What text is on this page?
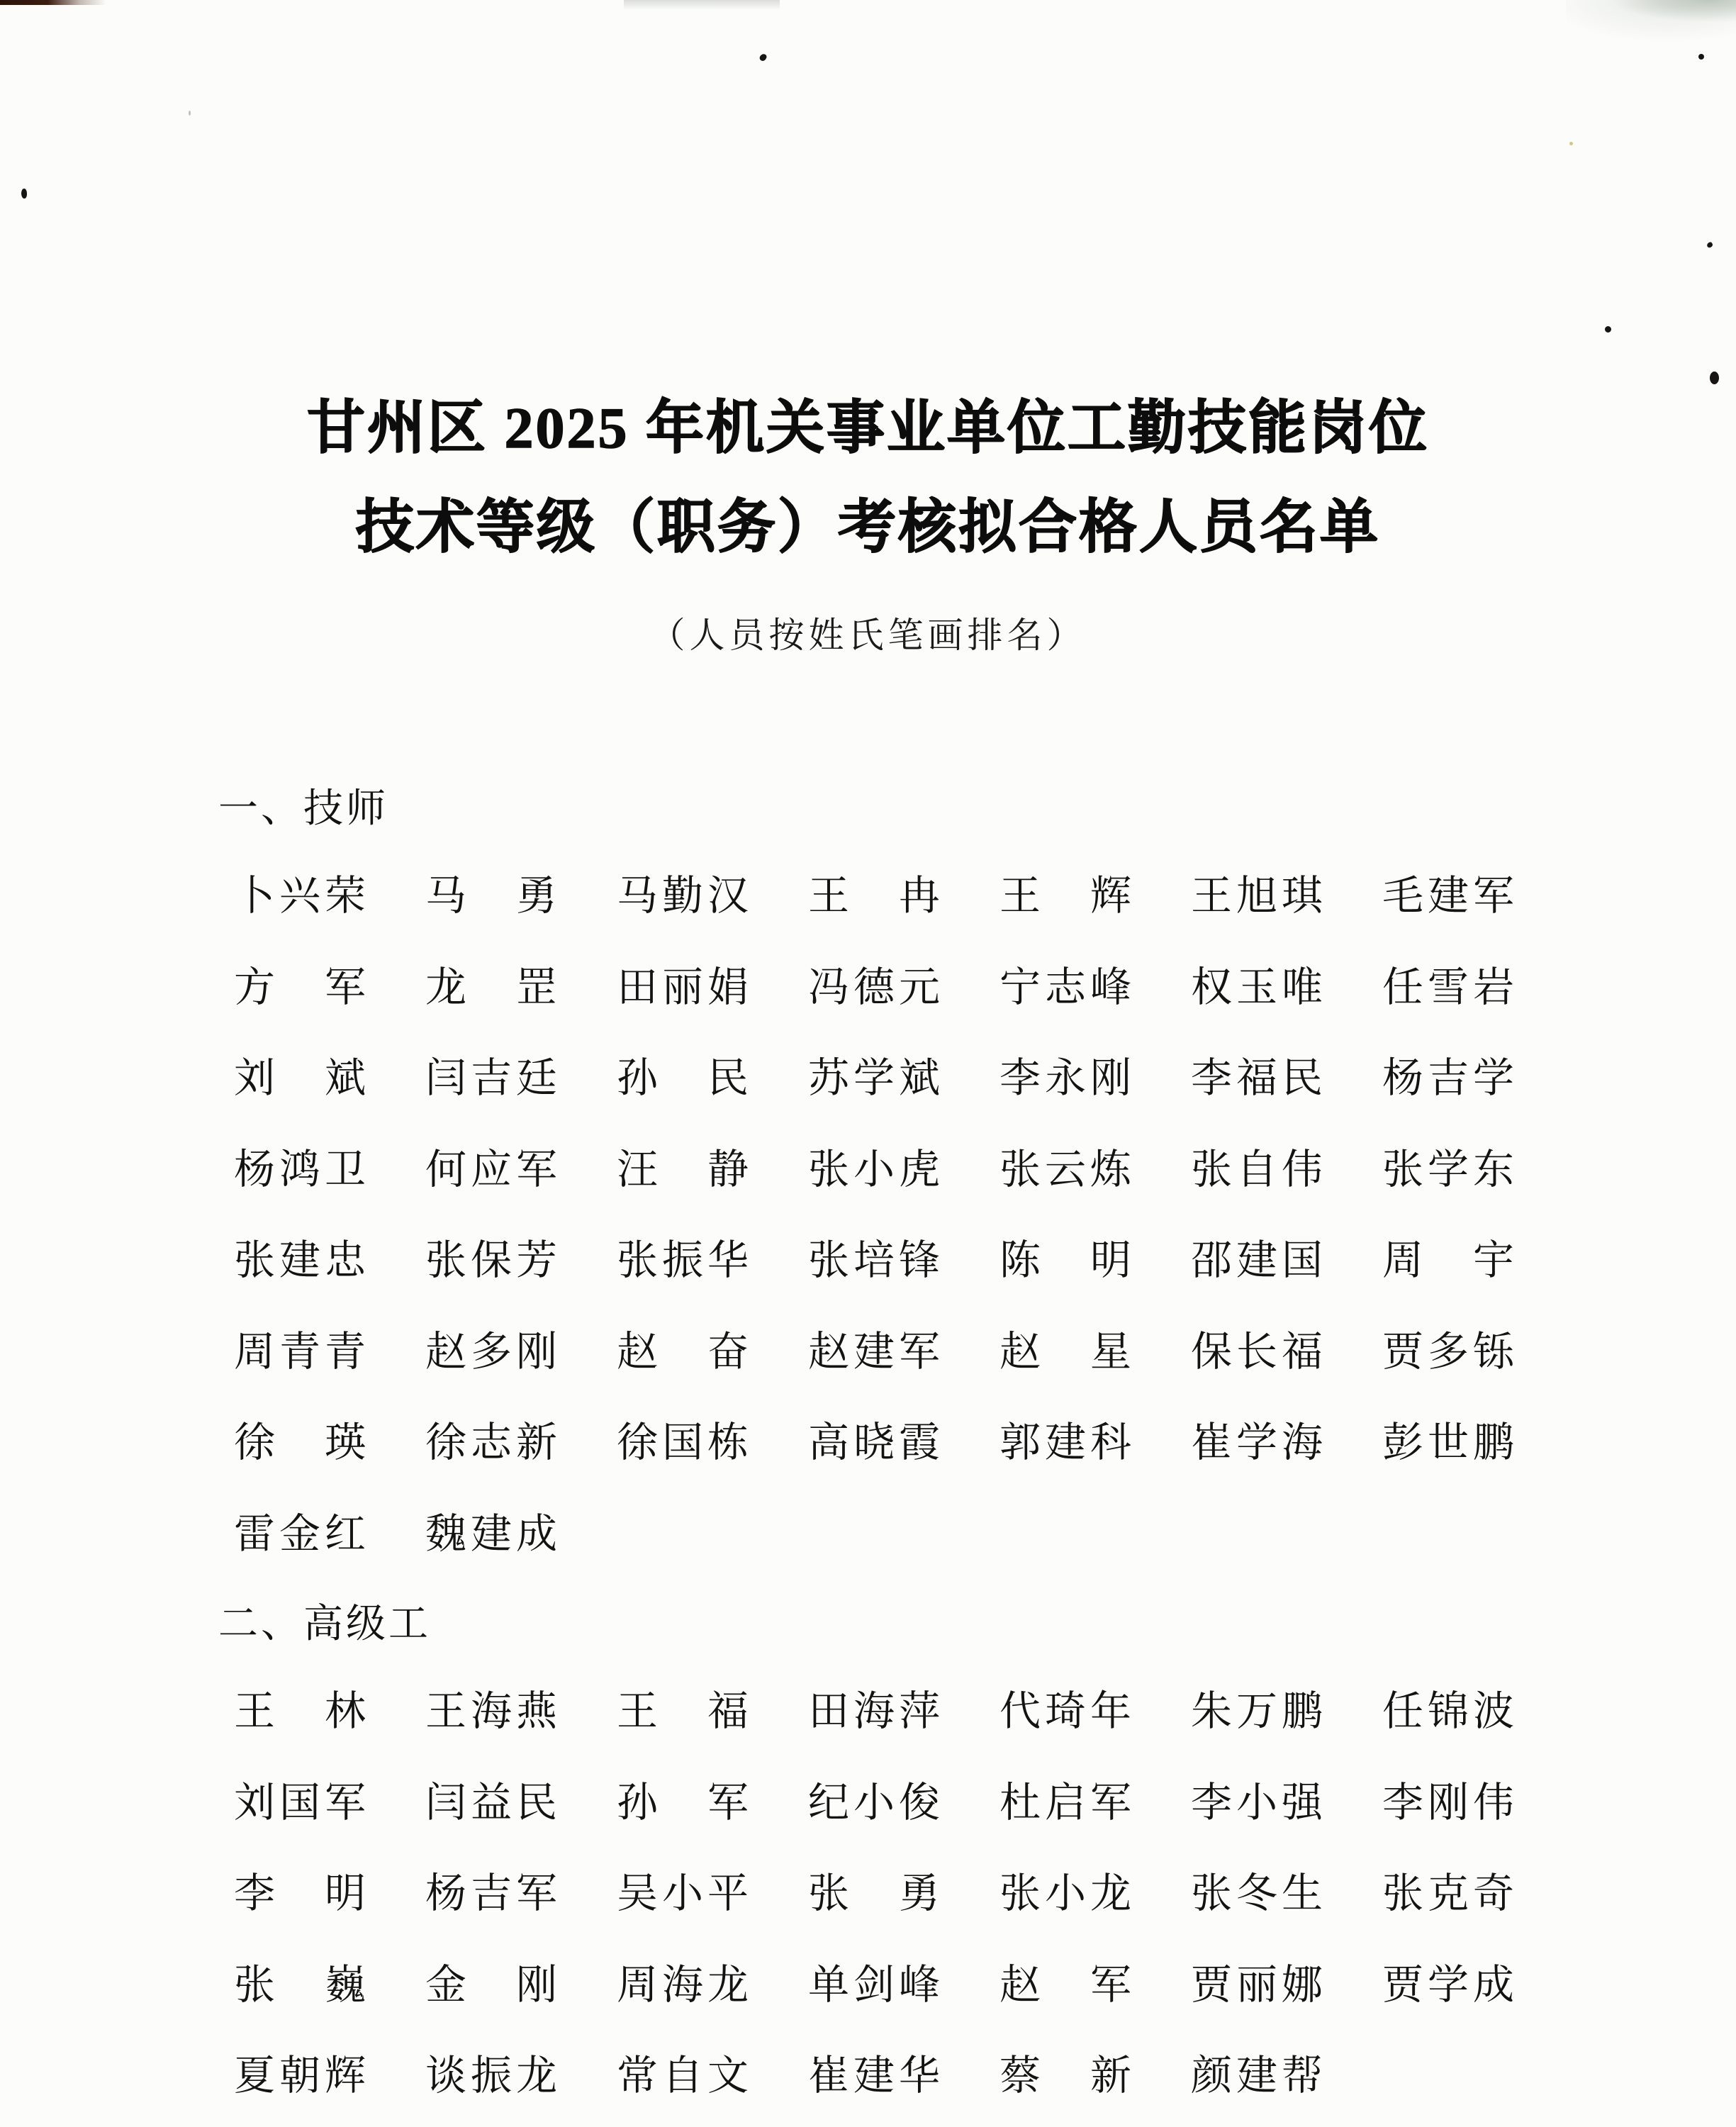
甘州区 2025 年机关事业单位工勤技能岗位
技术等级（职务）考核拟合格人员名单
（人员按姓氏笔画排名）
一、技师
卜 兴 荣 马 勇 马 勤 汉 王 冉 王 辉 王 旭 琪 毛 建 军
方 军 龙 罡 田 丽 娟 冯 德 元 宁 志 峰 权 玉 唯 任 雪 岩
刘 斌 闫 吉 廷 孙 民 苏 学 斌 李 永 刚 李 福 民 杨 吉 学
杨 鸿 卫 何 应 军 汪 静 张 小 虎 张 云 炼 张 自 伟 张 学 东
张 建 忠 张 保 芳 张 振 华 张 培 锋 陈 明 邵 建 国 周 宇
周 青 青 赵 多 刚 赵 奋 赵 建 军 赵 星 保 长 福 贾 多 铄
徐 瑛 徐 志 新 徐 国 栋 高 晓 霞 郭 建 科 崔 学 海 彭 世 鹏
雷 金 红 魏 建 成
二、高级工
王 林 王 海 燕 王 福 田 海 萍 代 琦 年 朱 万 鹏 任 锦 波
刘 国 军 闫 益 民 孙 军 纪 小 俊 杜 启 军 李 小 强 李 刚 伟
李 明 杨 吉 军 吴 小 平 张 勇 张 小 龙 张 冬 生 张 克 奇
张 巍 金 刚 周 海 龙 单 剑 峰 赵 军 贾 丽 娜 贾 学 成
夏 朝 辉 谈 振 龙 常 自 文 崔 建 华 蔡 新 颜 建 帮
